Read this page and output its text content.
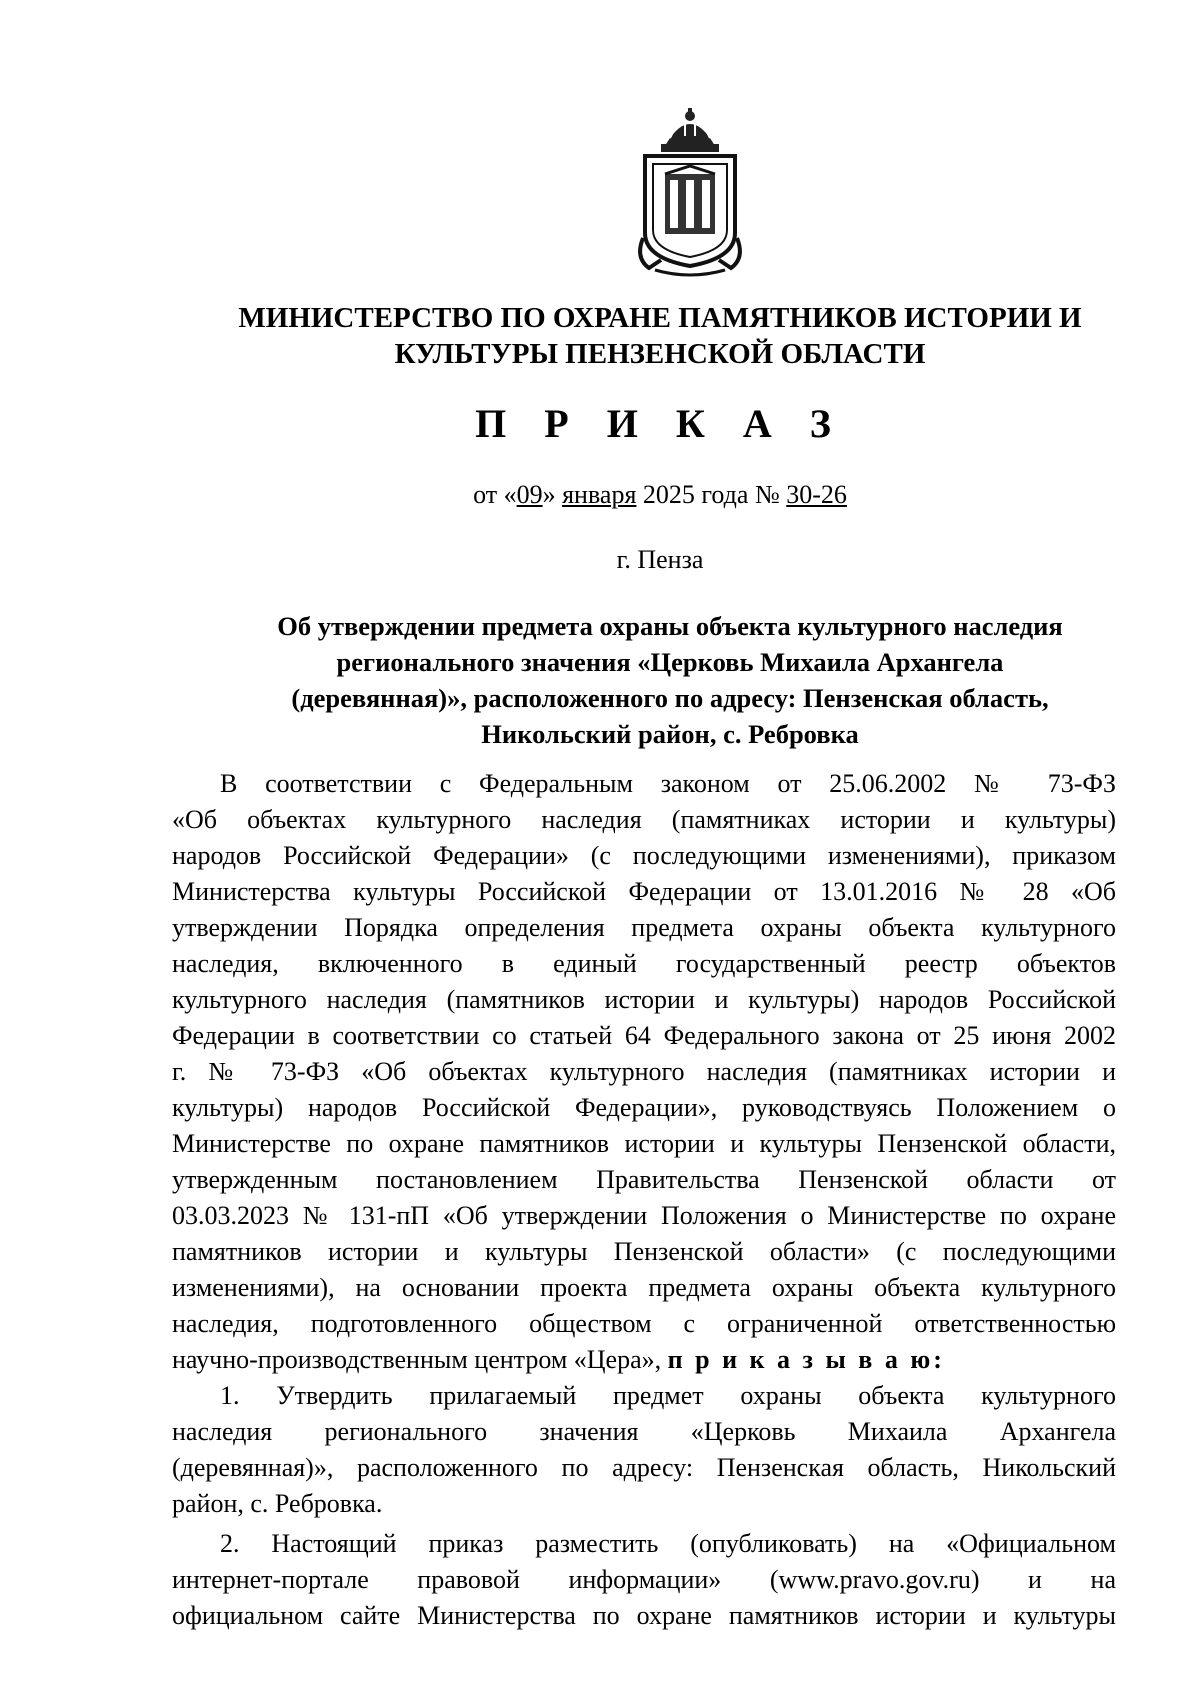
МИНИСТЕРСТВО ПО ОХРАНЕ ПАМЯТНИКОВ ИСТОРИИ И
КУЛЬТУРЫ ПЕНЗЕНСКОЙ ОБЛАСТИ
П Р И К А З
от «09» января 2025 года № 30-26
г. Пенза
Об утверждении предмета охраны объекта культурного наследия
регионального значения «Церковь Михаила Архангела
(деревянная)», расположенного по адресу: Пензенская область,
Никольский район, с. Ребровка
В соответствии с Федеральным законом от 25.06.2002 № 73-ФЗ
«Об объектах культурного наследия (памятниках истории и культуры)
народов Российской Федерации» (с последующими изменениями), приказом
Министерства культуры Российской Федерации от 13.01.2016 № 28 «Об
утверждении Порядка определения предмета охраны объекта культурного
наследия, включенного в единый государственный реестр объектов
культурного наследия (памятников истории и культуры) народов Российской
Федерации в соответствии со статьей 64 Федерального закона от 25 июня 2002
г. № 73-ФЗ «Об объектах культурного наследия (памятниках истории и
культуры) народов Российской Федерации», руководствуясь Положением о
Министерстве по охране памятников истории и культуры Пензенской области,
утвержденным постановлением Правительства Пензенской области от
03.03.2023 № 131-пП «Об утверждении Положения о Министерстве по охране
памятников истории и культуры Пензенской области» (с последующими
изменениями), на основании проекта предмета охраны объекта культурного
наследия, подготовленного обществом с ограниченной ответственностью
научно-производственным центром «Цера», п р и к а з ы в а ю:
1. Утвердить прилагаемый предмет охраны объекта культурного
наследия регионального значения «Церковь Михаила Архангела
(деревянная)», расположенного по адресу: Пензенская область, Никольский
район, с. Ребровка.
2. Настоящий приказ разместить (опубликовать) на «Официальном
интернет-портале правовой информации» (www.pravo.gov.ru) и на
официальном сайте Министерства по охране памятников истории и культуры
